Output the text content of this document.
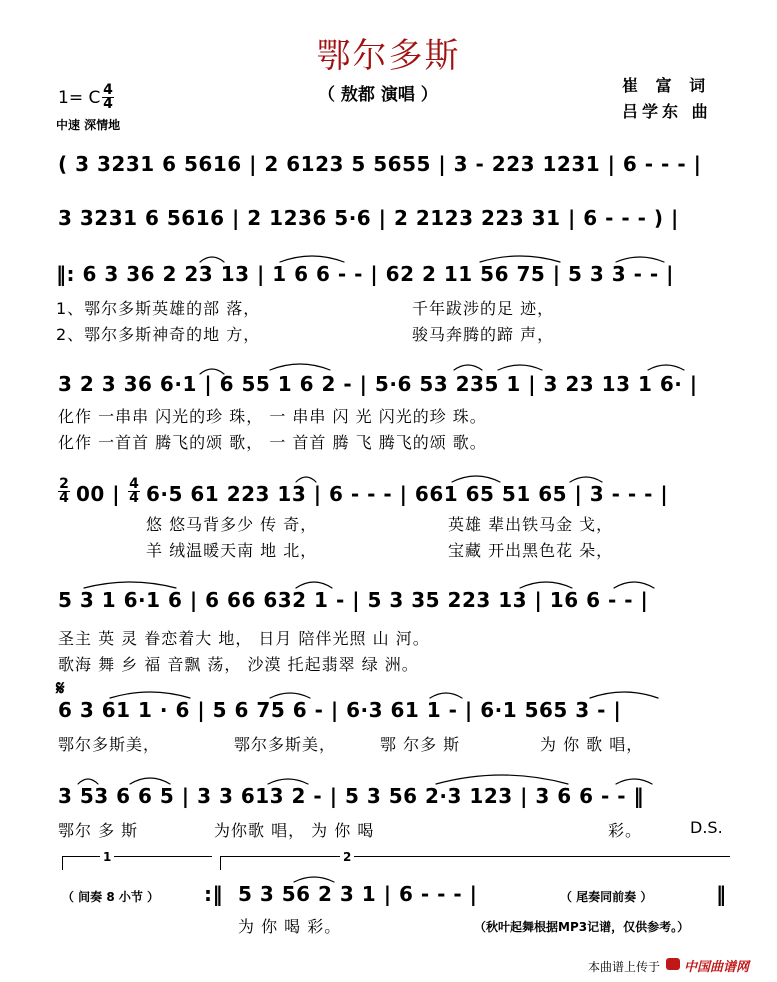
鄂尔多斯
（ 敖都 演唱 ）	崔 富 词
吕学东 曲
1= C 4
4
中速 深情地
( 3 3231 6 5616 | 2 6123 5 5655 | 3 - 223 1231 | 6 - - - |
3 3231 6 5616 | 2 1236 5·6 | 2 2123 223 31 | 6 - - - ) |
‖: 6 3 36 2 23 13 | 1 6 6 - - | 62 2 11 56 75 | 5 3 3 - - |
1、鄂尔多斯英雄的部 落，	千年跋涉的足 迹，
2、鄂尔多斯神奇的地 方，	骏马奔腾的蹄 声，
3 2 3 36 6·1 | 6 55 1 6 2 - | 5·6 53 235 1 | 3 23 13 1 6· |
化作 一串串 闪光的珍 珠， 一 串串 闪 光 闪光的珍 珠。
化作 一首首 腾飞的颂 歌， 一 首首 腾 飞 腾飞的颂 歌。
2
4 00 | 4
4 6·5 61 223 13 | 6 - - - | 661 65 51 65 | 3 - - - |
悠 悠马背多少 传 奇，	英雄 辈出铁马金 戈，
羊 绒温暖天南 地 北，	宝藏 开出黑色花 朵，
5 3 1 6·1 6 | 6 66 632 1 - | 5 3 35 223 13 | 16 6 - - |
圣主 英 灵 眷恋着大 地， 日月 陪伴光照 山 河。
歌海 舞 乡 福 音飘 荡， 沙漠 托起翡翠 绿 洲。
𝄋
6 3 61 1 · 6 | 5 6 75 6 - | 6·3 61 1 - | 6·1 565 3 - |
鄂尔多斯美，	鄂尔多斯美，	鄂 尔多 斯	为 你 歌 唱，
3 53 6 6 5 | 3 3 613 2 - | 5 3 56 2·3 123 | 3 6 6 - - ‖
鄂尔 多 斯	为你歌 唱， 为 你 喝	彩。	D.S.
1	2
（ 间奏 8 小节 ） :‖ 5 3 56 2 3 1 | 6 - - - |	（ 尾奏同前奏 ）	‖
为 你 喝 彩。	（秋叶起舞根据MP3记谱，仅供参考。）
本曲谱上传于 中国曲谱网
